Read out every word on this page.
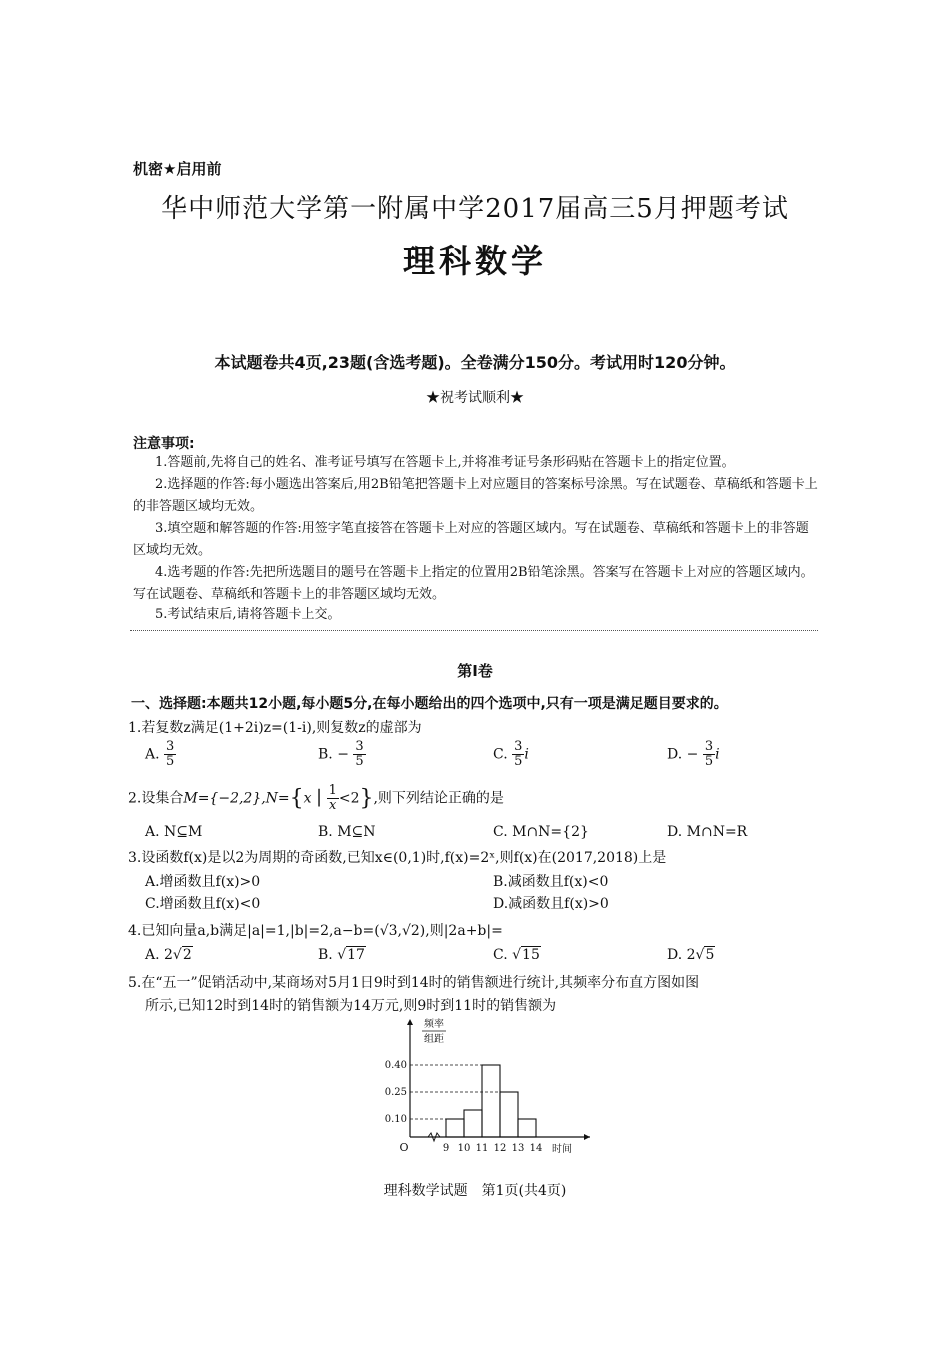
机密★启用前
华中师范大学第一附属中学2017届高三5月押题考试
理科数学
本试题卷共4页,23题(含选考题)。全卷满分150分。考试用时120分钟。
★祝考试顺利★
注意事项:
1.答题前,先将自己的姓名、准考证号填写在答题卡上,并将准考证号条形码贴在答题卡上的指定位置。
2.选择题的作答:每小题选出答案后,用2B铅笔把答题卡上对应题目的答案标号涂黑。写在试题卷、草稿纸和答题卡上的非答题区域均无效。
3.填空题和解答题的作答:用签字笔直接答在答题卡上对应的答题区域内。写在试题卷、草稿纸和答题卡上的非答题区域均无效。
4.选考题的作答:先把所选题目的题号在答题卡上指定的位置用2B铅笔涂黑。答案写在答题卡上对应的答题区域内。写在试题卷、草稿纸和答题卡上的非答题区域均无效。
5.考试结束后,请将答题卡上交。
第Ⅰ卷
一、选择题:本题共12小题,每小题5分,在每小题给出的四个选项中,只有一项是满足题目要求的。
1.若复数z满足(1+2i)z=(1-i),则复数z的虚部为
A. $\frac{3}{5}$	B. − $\frac{3}{5}$	C. $\frac{3}{5}$ i	D. − $\frac{3}{5}$ i
2.设集合M={−2,2},N={x | $\frac{1}{x} <2$},则下列结论正确的是
A. N⊆M	B. M⊆N	C. M∩N={2}	D. M∩N=R
3.设函数f(x)是以2为周期的奇函数,已知x∈(0,1)时,f(x)=2ˣ,则f(x)在(2017,2018)上是
A.增函数且f(x)>0	B.减函数且f(x)<0
C.增函数且f(x)<0	D.减函数且f(x)>0
4.已知向量a,b满足|a|=1,|b|=2,a−b=(√3,√2),则|2a+b|=
A. 2√2	B. √17	C. √15	D. 2√5
5.在“五一”促销活动中,某商场对5月1日9时到14时的销售额进行统计,其频率分布直方图如图
所示,已知12时到14时的销售额为14万元,则9时到11时的销售额为
频率
组距
O
0.10
0.25
0.40
9 10 11 12 13 14 时间
理科数学试题　第1页(共4页)
